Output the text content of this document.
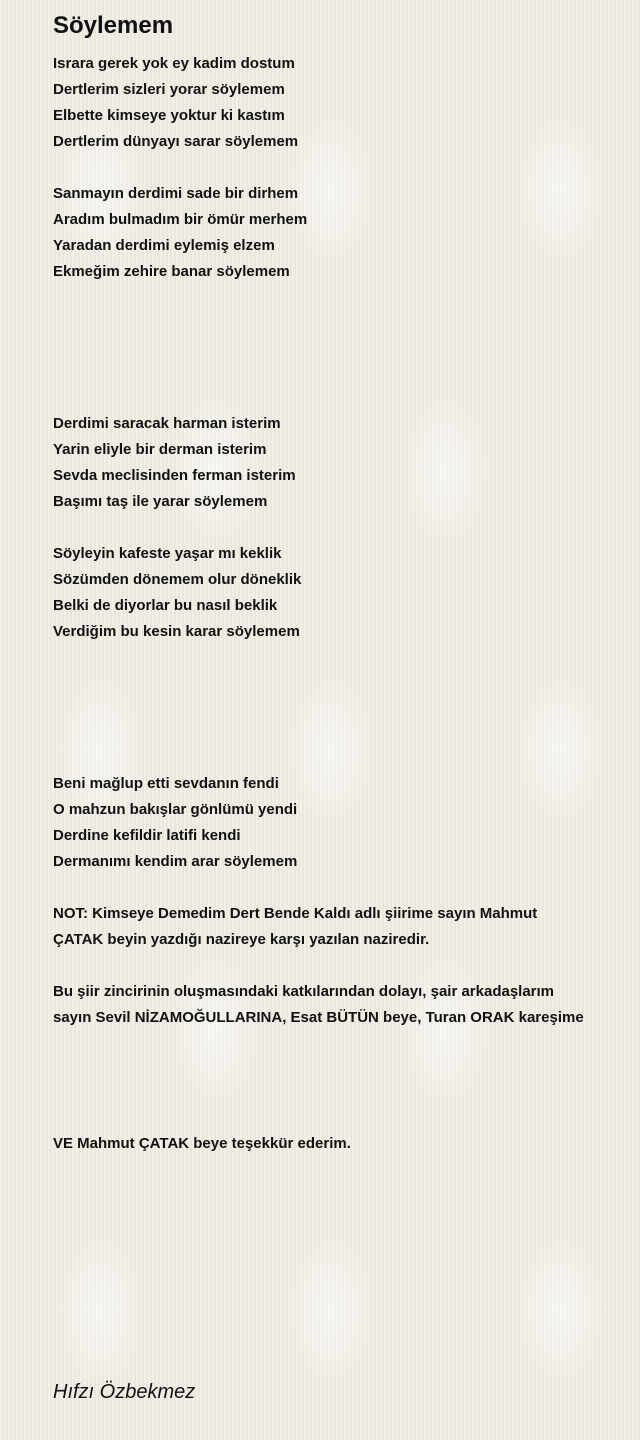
Söylemem

Israra gerek yok ey kadim dostum

Dertlerim sizleri yorar söylemem

Elbette kimseye yoktur ki kastım

Dertlerim dünyayı sarar söylemem

Sanmayın derdimi sade bir dirhem

Aradım bulmadım bir ömür merhem

Yaradan derdimi eylemiş elzem

Ekmeğim zehire banar söylemem

Derdimi saracak harman isterim

Yarin eliyle bir derman isterim

Sevda meclisinden ferman isterim

Başımı taş ile yarar söylemem

Söyleyin kafeste yaşar mı keklik

Sözümden dönemem olur döneklik

Belki de diyorlar bu nasıl beklik

Verdiğim bu kesin karar söylemem

Beni mağlup etti sevdanın fendi

O mahzun bakışlar gönlümü yendi

Derdine kefildir latifi kendi

Dermanımı kendim arar söylemem

NOT: Kimseye Demedim Dert Bende Kaldı adlı şiirime sayın Mahmut

ÇATAK beyin yazdığı nazireye karşı yazılan naziredir.

Bu şiir zincirinin oluşmasındaki katkılarından dolayı, şair arkadaşlarım

sayın Sevil NİZAMOĞULLARINA, Esat BÜTÜN beye, Turan ORAK kareşime

VE Mahmut ÇATAK beye teşekkür ederim.

Hıfzı Özbekmez
